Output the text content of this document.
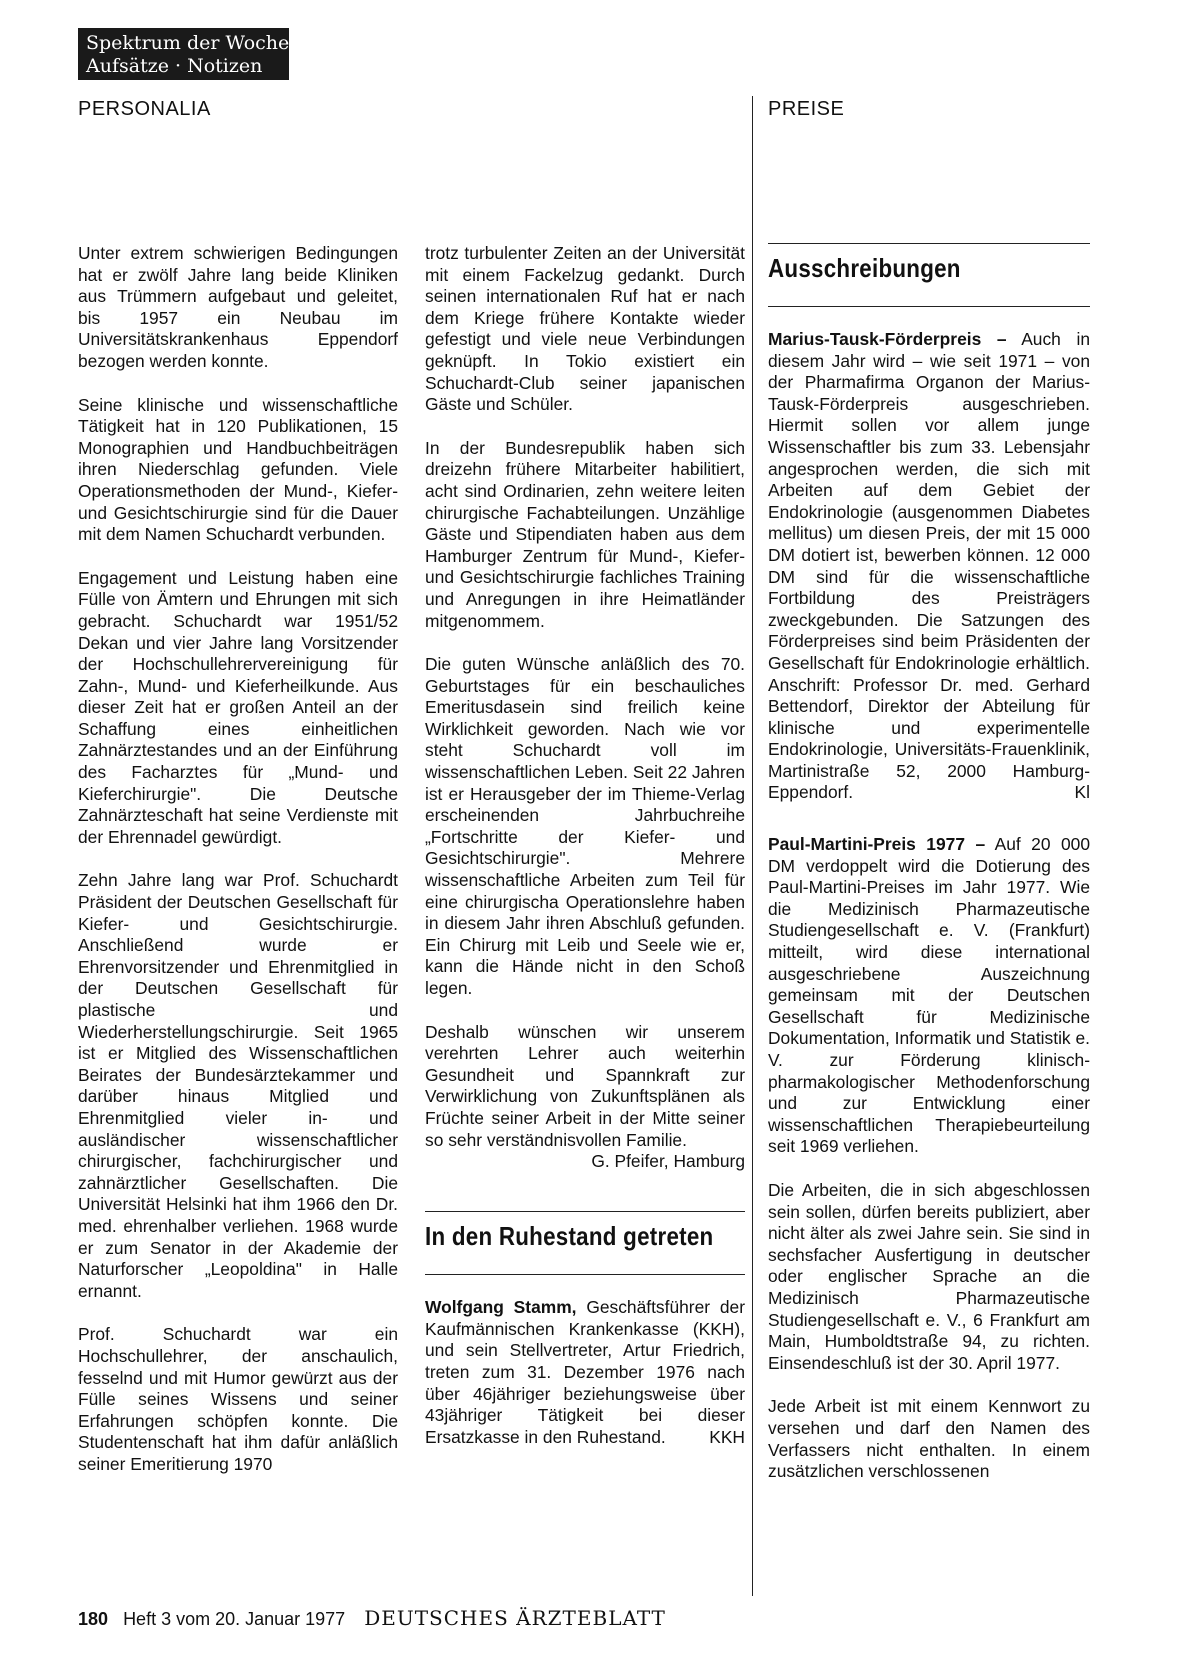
Spektrum der Woche
Aufsätze · Notizen
PERSONALIA	PREISE

Unter extrem schwierigen Bedingungen hat er zwölf Jahre lang beide Kliniken aus Trümmern aufgebaut und geleitet, bis 1957 ein Neubau im Universitätskrankenhaus Eppendorf bezogen werden konnte.

Seine klinische und wissenschaftliche Tätigkeit hat in 120 Publikationen, 15 Monographien und Handbuchbeiträgen ihren Niederschlag gefunden. Viele Operationsmethoden der Mund-, Kiefer- und Gesichtschirurgie sind für die Dauer mit dem Namen Schuchardt verbunden.

Engagement und Leistung haben eine Fülle von Ämtern und Ehrungen mit sich gebracht. Schuchardt war 1951/52 Dekan und vier Jahre lang Vorsitzender der Hochschullehrervereinigung für Zahn-, Mund- und Kieferheilkunde. Aus dieser Zeit hat er großen Anteil an der Schaffung eines einheitlichen Zahnärztestandes und an der Einführung des Facharztes für „Mund- und Kieferchirurgie". Die Deutsche Zahnärzteschaft hat seine Verdienste mit der Ehrennadel gewürdigt.

Zehn Jahre lang war Prof. Schuchardt Präsident der Deutschen Gesellschaft für Kiefer- und Gesichtschirurgie. Anschließend wurde er Ehrenvorsitzender und Ehrenmitglied in der Deutschen Gesellschaft für plastische und Wiederherstellungschirurgie. Seit 1965 ist er Mitglied des Wissenschaftlichen Beirates der Bundesärztekammer und darüber hinaus Mitglied und Ehrenmitglied vieler in- und ausländischer wissenschaftlicher chirurgischer, fachchirurgischer und zahnärztlicher Gesellschaften. Die Universität Helsinki hat ihm 1966 den Dr. med. ehrenhalber verliehen. 1968 wurde er zum Senator in der Akademie der Naturforscher „Leopoldina" in Halle ernannt.

Prof. Schuchardt war ein Hochschullehrer, der anschaulich, fesselnd und mit Humor gewürzt aus der Fülle seines Wissens und seiner Erfahrungen schöpfen konnte. Die Studentenschaft hat ihm dafür anläßlich seiner Emeritierung 1970

trotz turbulenter Zeiten an der Universität mit einem Fackelzug gedankt. Durch seinen internationalen Ruf hat er nach dem Kriege frühere Kontakte wieder gefestigt und viele neue Verbindungen geknüpft. In Tokio existiert ein Schuchardt-Club seiner japanischen Gäste und Schüler.

In der Bundesrepublik haben sich dreizehn frühere Mitarbeiter habilitiert, acht sind Ordinarien, zehn weitere leiten chirurgische Fachabteilungen. Unzählige Gäste und Stipendiaten haben aus dem Hamburger Zentrum für Mund-, Kiefer- und Gesichtschirurgie fachliches Training und Anregungen in ihre Heimatländer mitgenommem.

Die guten Wünsche anläßlich des 70. Geburtstages für ein beschauliches Emeritusdasein sind freilich keine Wirklichkeit geworden. Nach wie vor steht Schuchardt voll im wissenschaftlichen Leben. Seit 22 Jahren ist er Herausgeber der im Thieme-Verlag erscheinenden Jahrbuchreihe „Fortschritte der Kiefer- und Gesichtschirurgie". Mehrere wissenschaftliche Arbeiten zum Teil für eine chirurgischa Operationslehre haben in diesem Jahr ihren Abschluß gefunden. Ein Chirurg mit Leib und Seele wie er, kann die Hände nicht in den Schoß legen.

Deshalb wünschen wir unserem verehrten Lehrer auch weiterhin Gesundheit und Spannkraft zur Verwirklichung von Zukunftsplänen als Früchte seiner Arbeit in der Mitte seiner so sehr verständnisvollen Familie.
G. Pfeifer, Hamburg

In den Ruhestand getreten

Wolfgang Stamm, Geschäftsführer der Kaufmännischen Krankenkasse (KKH), und sein Stellvertreter, Artur Friedrich, treten zum 31. Dezember 1976 nach über 46jähriger beziehungsweise über 43jähriger Tätigkeit bei dieser Ersatzkasse in den Ruhestand.	KKH

Ausschreibungen

Marius-Tausk-Förderpreis – Auch in diesem Jahr wird – wie seit 1971 – von der Pharmafirma Organon der Marius-Tausk-Förderpreis ausgeschrieben. Hiermit sollen vor allem junge Wissenschaftler bis zum 33. Lebensjahr angesprochen werden, die sich mit Arbeiten auf dem Gebiet der Endokrinologie (ausgenommen Diabetes mellitus) um diesen Preis, der mit 15 000 DM dotiert ist, bewerben können. 12 000 DM sind für die wissenschaftliche Fortbildung des Preisträgers zweckgebunden. Die Satzungen des Förderpreises sind beim Präsidenten der Gesellschaft für Endokrinologie erhältlich. Anschrift: Professor Dr. med. Gerhard Bettendorf, Direktor der Abteilung für klinische und experimentelle Endokrinologie, Universitäts-Frauenklinik, Martinistraße 52, 2000 Hamburg-Eppendorf.	Kl

Paul-Martini-Preis 1977 – Auf 20 000 DM verdoppelt wird die Dotierung des Paul-Martini-Preises im Jahr 1977. Wie die Medizinisch Pharmazeutische Studiengesellschaft e. V. (Frankfurt) mitteilt, wird diese international ausgeschriebene Auszeichnung gemeinsam mit der Deutschen Gesellschaft für Medizinische Dokumentation, Informatik und Statistik e. V. zur Förderung klinisch-pharmakologischer Methodenforschung und zur Entwicklung einer wissenschaftlichen Therapiebeurteilung seit 1969 verliehen.

Die Arbeiten, die in sich abgeschlossen sein sollen, dürfen bereits publiziert, aber nicht älter als zwei Jahre sein. Sie sind in sechsfacher Ausfertigung in deutscher oder englischer Sprache an die Medizinisch Pharmazeutische Studiengesellschaft e. V., 6 Frankfurt am Main, Humboldtstraße 94, zu richten. Einsendeschluß ist der 30. April 1977.

Jede Arbeit ist mit einem Kennwort zu versehen und darf den Namen des Verfassers nicht enthalten. In einem zusätzlichen verschlossenen

180 Heft 3 vom 20. Januar 1977 DEUTSCHES ÄRZTEBLATT
